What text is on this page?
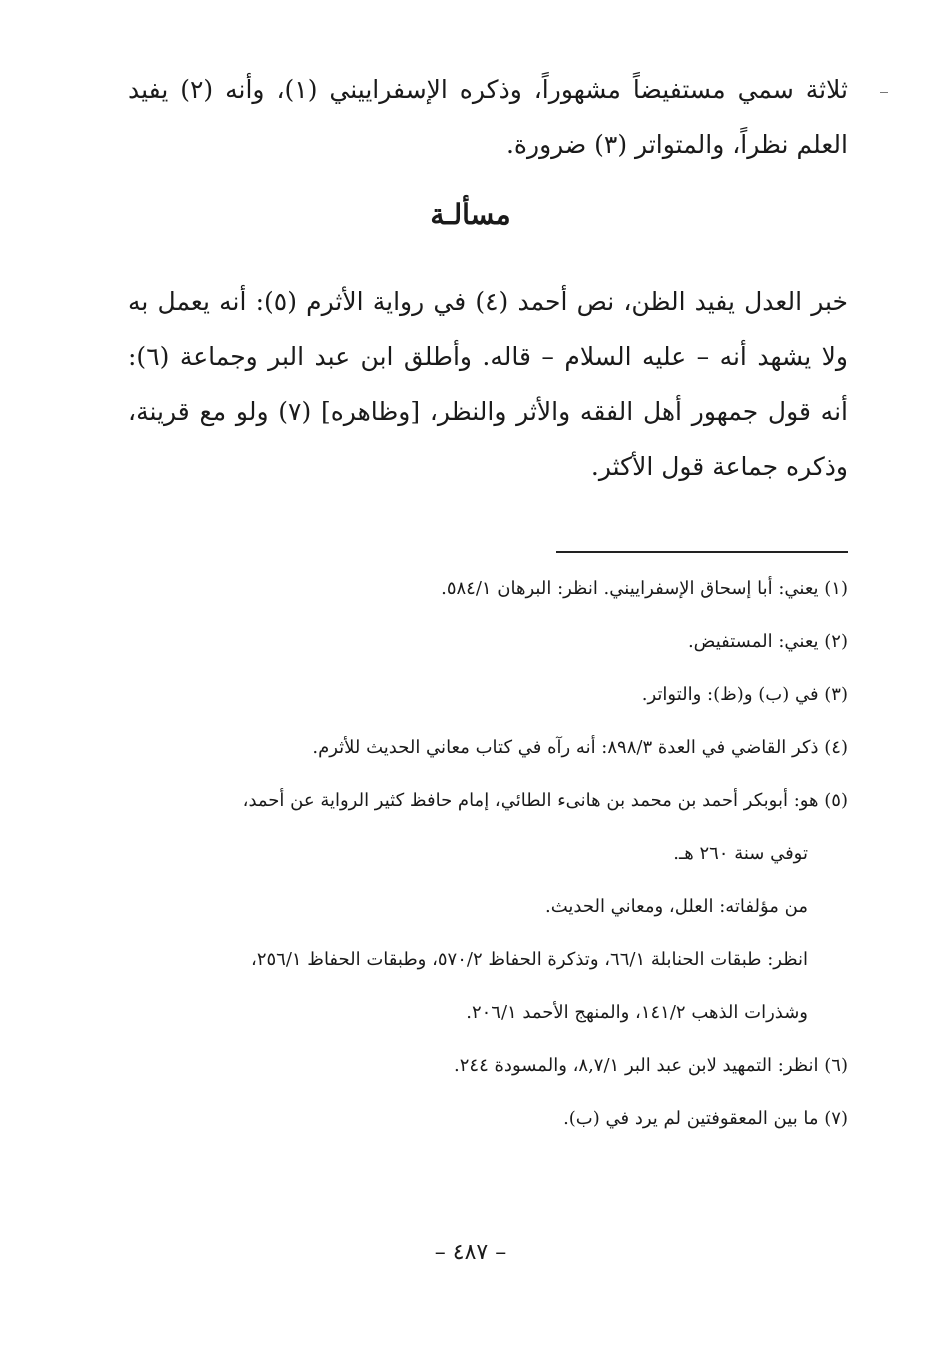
ثلاثة سمي مستفيضاً مشهوراً، وذكره الإسفراييني (١)، وأنه (٢) يفيد العلم نظراً، والمتواتر (٣) ضرورة.

مسألـة

خبر العدل يفيد الظن، نص أحمد (٤) في رواية الأثرم (٥): أنه يعمل به ولا يشهد أنه – عليه السلام – قاله. وأطلق ابن عبد البر وجماعة (٦): أنه قول جمهور أهل الفقه والأثر والنظر، [وظاهره] (٧) ولو مع قرينة، وذكره جماعة قول الأكثر.

(١) يعني: أبا إسحاق الإسفراييني. انظر: البرهان ٥٨٤/١.
(٢) يعني: المستفيض.
(٣) في (ب) و(ظ): والتواتر.
(٤) ذكر القاضي في العدة ٨٩٨/٣: أنه رآه في كتاب معاني الحديث للأثرم.
(٥) هو: أبوبكر أحمد بن محمد بن هانىء الطائي، إمام حافظ كثير الرواية عن أحمد،
توفي سنة ٢٦٠ هـ.
من مؤلفاته: العلل، ومعاني الحديث.
انظر: طبقات الحنابلة ٦٦/١، وتذكرة الحفاظ ٥٧٠/٢، وطبقات الحفاظ ٢٥٦/١،
وشذرات الذهب ١٤١/٢، والمنهج الأحمد ٢٠٦/١.
(٦) انظر: التمهيد لابن عبد البر ٨,٧/١، والمسودة ٢٤٤.
(٧) ما بين المعقوفتين لم يرد في (ب).

– ٤٨٧ –
